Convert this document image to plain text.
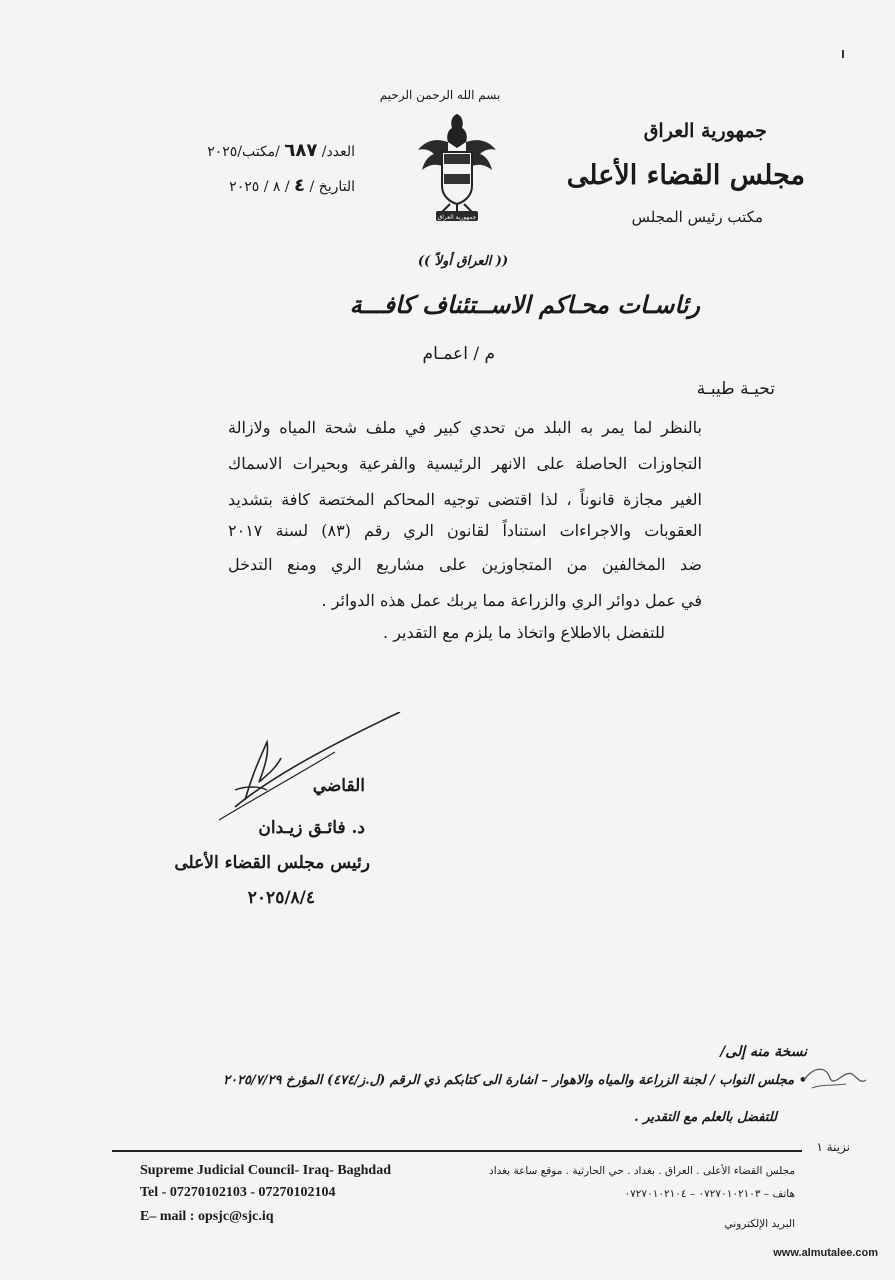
بسم الله الرحمن الرحيم
جمهورية العراق
مجلس القضاء الأعلى
مكتب رئيس المجلس
العدد/ ٦٨٧ /مكتب/٢٠٢٥
التاريخ / ٤ / ٨ / ٢٠٢٥
جمهورية العراق
(( العراق أولاً ))
رئاسـات محـاكم الاســتئناف كافـــة
م / اعمـام
تحيـة طيبـة
بالنظر لما يمر به البلد من تحدي كبير في ملف شحة المياه ولازالة
التجاوزات الحاصلة على الانهر الرئيسية والفرعية وبحيرات الاسماك
الغير مجازة قانوناً ، لذا اقتضى توجيه المحاكم المختصة كافة بتشديد
العقوبات والاجراءات استناداً لقانون الري رقم (٨٣) لسنة ٢٠١٧
ضد المخالفين من المتجاوزين على مشاريع الري ومنع التدخل
في عمل دوائر الري والزراعة مما يربك عمل هذه الدوائر .
للتفضل بالاطلاع واتخاذ ما يلزم مع التقدير .
القاضي
د. فائـق زيـدان
رئيس مجلس القضاء الأعلى
٢٠٢٥/٨/٤
نسخة منه إلى/
• مجلس النواب / لجنة الزراعة والمياه والاهوار – اشارة الى كتابكم ذي الرقم (ل.ز/٤٧٤) المؤرخ ٢٠٢٥/٧/٢٩
للتفضل بالعلم مع التقدير .
نزينة ١
Supreme Judicial Council- Iraq- Baghdad
Tel - 07270102103 - 07270102104
E– mail : opsjc@sjc.iq
مجلس القضاء الأعلى . العراق . بغداد . حي الحارثية . موقع ساعة بغداد
هاتف – ٠٧٢٧٠١٠٢١٠٣ – ٠٧٢٧٠١٠٢١٠٤
البريد الإلكتروني
www.almutalee.com
